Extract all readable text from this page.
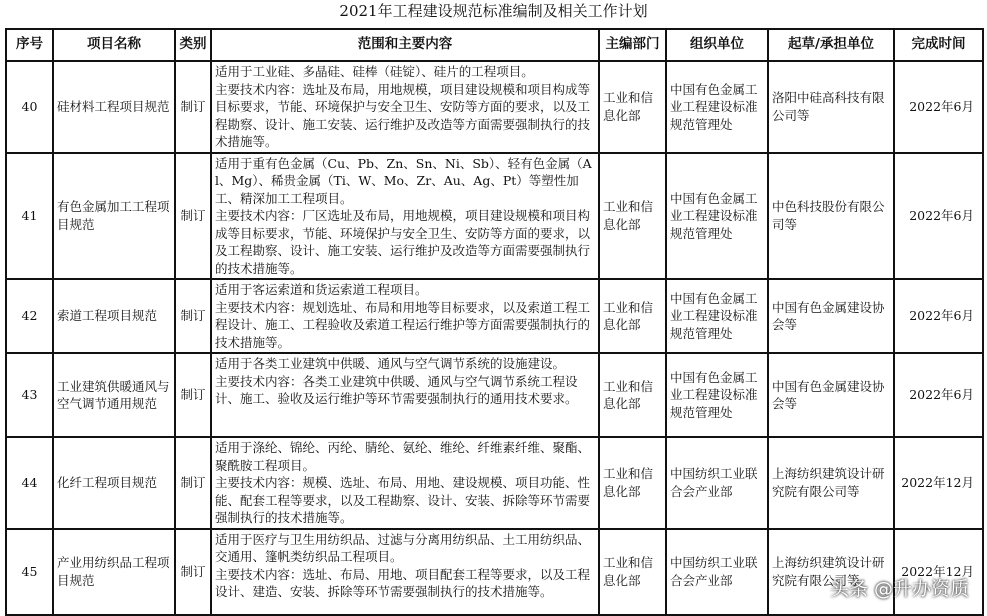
2021年工程建设规范标准编制及相关工作计划
序号	项目名称	类别	范围和主要内容	主编部门	组织单位	起草/承担单位	完成时间
40	硅材料工程项目规范	制订	适用于工业硅、多晶硅、硅棒（硅锭）、硅片的工程项目。
主要技术内容：选址及布局，用地规模，项目建设规模和项目构成等目标要求，节能、环境保护与安全卫生、安防等方面的要求，以及工程勘察、设计、施工安装、运行维护及改造等方面需要强制执行的技术措施等。	工业和信息化部	中国有色金属工业工程建设标准规范管理处	洛阳中硅高科技有限公司等	2022年6月
41	有色金属加工工程项目规范	制订	适用于重有色金属（Cu、Pb、Zn、Sn、Ni、Sb）、轻有色金属（Al、Mg）、稀贵金属（Ti、W、Mo、Zr、Au、Ag、Pt）等塑性加工、精深加工工程项目。
主要技术内容：厂区选址及布局，用地规模，项目建设规模和项目构成等目标要求，节能、环境保护与安全卫生、安防等方面的要求，以及工程勘察、设计、施工安装、运行维护及改造等方面需要强制执行的技术措施等。	工业和信息化部	中国有色金属工业工程建设标准规范管理处	中色科技股份有限公司等	2022年6月
42	索道工程项目规范	制订	适用于客运索道和货运索道工程项目。
主要技术内容：规划选址、布局和用地等目标要求，以及索道工程工程设计、施工、工程验收及索道工程运行维护等方面需要强制执行的技术措施等。	工业和信息化部	中国有色金属工业工程建设标准规范管理处	中国有色金属建设协会等	2022年6月
43	工业建筑供暖通风与空气调节通用规范	制订	适用于各类工业建筑中供暖、通风与空气调节系统的设施建设。
主要技术内容：各类工业建筑中供暖、通风与空气调节系统工程设计、施工、验收及运行维护等环节需要强制执行的通用技术要求。	工业和信息化部	中国有色金属工业工程建设标准规范管理处	中国有色金属建设协会等	2022年6月
44	化纤工程项目规范	制订	适用于涤纶、锦纶、丙纶、腈纶、氨纶、维纶、纤维素纤维、聚酯、聚酰胺工程项目。
主要技术内容：规模、选址、布局、用地、建设规模、项目功能、性能、配套工程等要求，以及工程勘察、设计、安装、拆除等环节需要强制执行的技术措施等。	工业和信息化部	中国纺织工业联合会产业部	上海纺织建筑设计研究院有限公司等	2022年12月
45	产业用纺织品工程项目规范	制订	适用于医疗与卫生用纺织品、过滤与分离用纺织品、土工用纺织品、交通用、篷帆类纺织品工程项目。
主要技术内容：选址、布局、用地、项目配套工程等要求，以及工程设计、建造、安装、拆除等环节需要强制执行的技术措施等。	工业和信息化部	中国纺织工业联合会产业部	上海纺织建筑设计研究院有限公司等	2022年12月
头条 @升办资质
